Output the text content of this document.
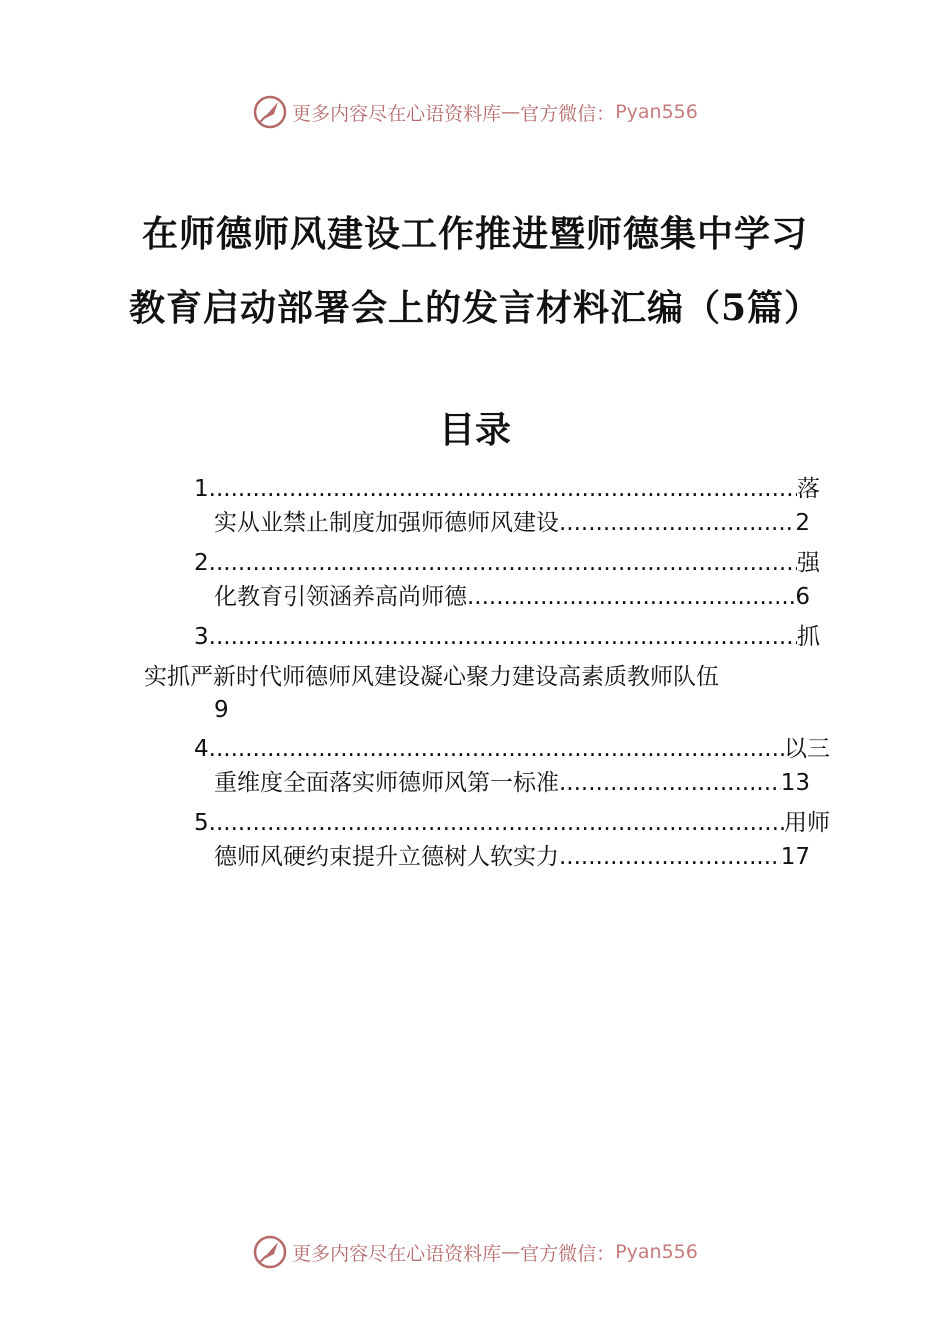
更多内容尽在心语资料库 — 官方微信： Pyan556
在师德师风建设工作推进暨师德集中学习
教育启动部署会上的发言材料汇编（5篇）
目录
1 .....	落
实从业禁止制度加强师德师风建设 .....	2
2 .....	强
化教育引领涵养高尚师德 .....	6
3 .....	抓
实抓严新时代师德师风建设凝心聚力建设高素质教师队伍
9
4 .....	以三
重维度全面落实师德师风第一标准 .....	13
5 .....	用师
德师风硬约束提升立德树人软实力 .....	17
更多内容尽在心语资料库 — 官方微信： Pyan556
